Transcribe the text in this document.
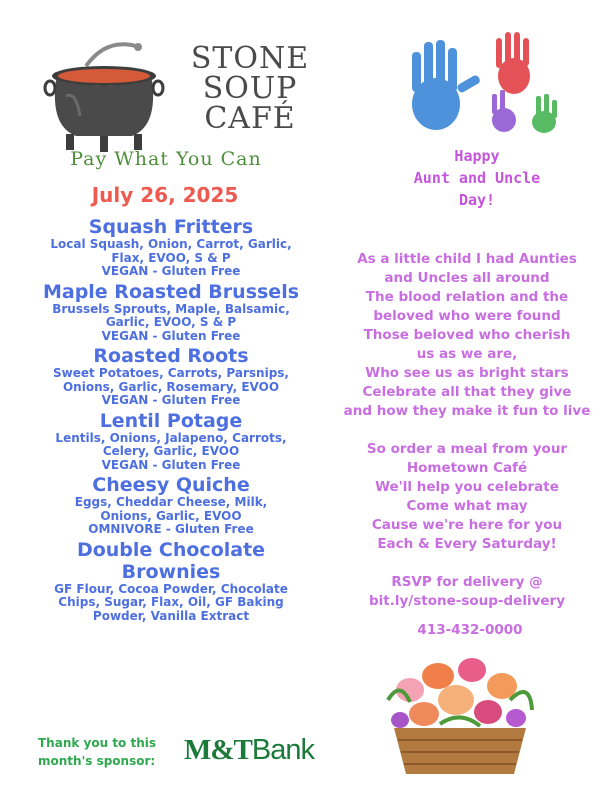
STONE
SOUP
CAFÉ
Pay What You Can
July 26, 2025
Squash Fritters
Local Squash, Onion, Carrot, Garlic,
Flax, EVOO, S & P
VEGAN - Gluten Free
Maple Roasted Brussels
Brussels Sprouts, Maple, Balsamic,
Garlic, EVOO, S & P
VEGAN - Gluten Free
Roasted Roots
Sweet Potatoes, Carrots, Parsnips,
Onions, Garlic, Rosemary, EVOO
VEGAN - Gluten Free
Lentil Potage
Lentils, Onions, Jalapeno, Carrots,
Celery, Garlic, EVOO
VEGAN - Gluten Free
Cheesy Quiche
Eggs, Cheddar Cheese, Milk,
Onions, Garlic, EVOO
OMNIVORE - Gluten Free
Double Chocolate Brownies
GF Flour, Cocoa Powder, Chocolate
Chips, Sugar, Flax, Oil, GF Baking
Powder, Vanilla Extract
Thank you to this
month's sponsor: M&TBank
Happy
Aunt and Uncle
Day!
As a little child I had Aunties
and Uncles all around
The blood relation and the
beloved who were found
Those beloved who cherish
us as we are,
Who see us as bright stars
Celebrate all that they give
and how they make it fun to live
So order a meal from your
Hometown Café
We'll help you celebrate
Come what may
Cause we're here for you
Each & Every Saturday!
RSVP for delivery @
bit.ly/stone-soup-delivery
413-432-0000
